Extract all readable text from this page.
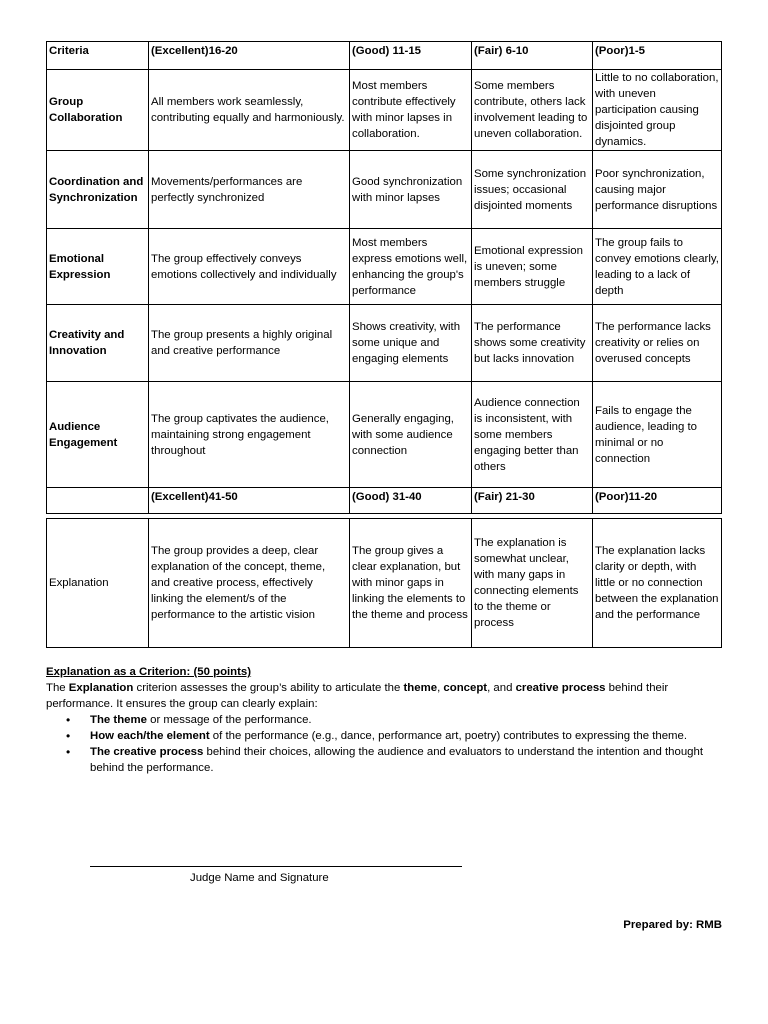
Criteria	(Excellent)16-20	(Good) 11-15	(Fair) 6-10	(Poor)1-5
Group Collaboration	All members work seamlessly, contributing equally and harmoniously.	Most members contribute effectively with minor lapses in collaboration.	Some members contribute, others lack involvement leading to uneven collaboration.	Little to no collaboration, with uneven participation causing disjointed group dynamics.
Coordination and Synchronization	Movements/performances are perfectly synchronized	Good synchronization with minor lapses	Some synchronization issues; occasional disjointed moments	Poor synchronization, causing major performance disruptions
Emotional Expression	The group effectively conveys emotions collectively and individually	Most members express emotions well, enhancing the group's performance	Emotional expression is uneven; some members struggle	The group fails to convey emotions clearly, leading to a lack of depth
Creativity and Innovation	The group presents a highly original and creative performance	Shows creativity, with some unique and engaging elements	The performance shows some creativity but lacks innovation	The performance lacks creativity or relies on overused concepts
Audience Engagement	The group captivates the audience, maintaining strong engagement throughout	Generally engaging, with some audience connection	Audience connection is inconsistent, with some members engaging better than others	Fails to engage the audience, leading to minimal or no connection
	(Excellent)41-50	(Good) 31-40	(Fair) 21-30	(Poor)11-20

Explanation	The group provides a deep, clear explanation of the concept, theme, and creative process, effectively linking the element/s of the performance to the artistic vision	The group gives a clear explanation, but with minor gaps in linking the elements to the theme and process	The explanation is somewhat unclear, with many gaps in connecting elements to the theme or process	The explanation lacks clarity or depth, with little or no connection between the explanation and the performance
Explanation as a Criterion: (50 points)

The Explanation criterion assesses the group’s ability to articulate the theme, concept, and creative process behind their performance. It ensures the group can clearly explain:

• The theme or message of the performance.
• How each/the element of the performance (e.g., dance, performance art, poetry) contributes to expressing the theme.
• The creative process behind their choices, allowing the audience and evaluators to understand the intention and thought behind the performance.
Judge Name and Signature
Prepared by: RMB
